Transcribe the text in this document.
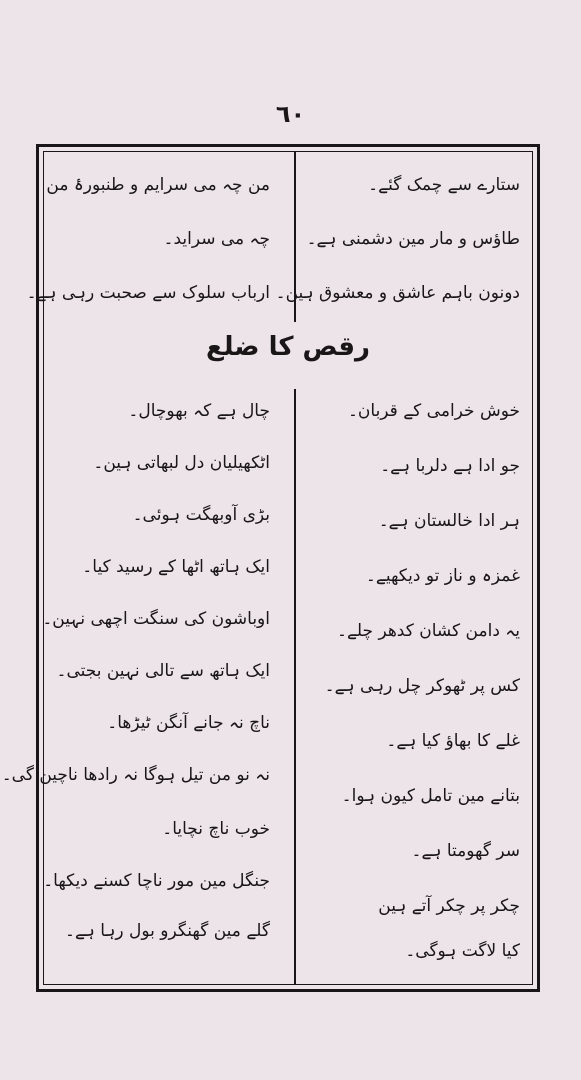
٦٠
ستارے سے چمک گئے۔
طاؤس و مار مین دشمنی ہے۔
دونون باہم عاشق و معشوق ہین۔
من چہ می سرایم و طنبورۂ من
چہ می سراید۔
ارباب سلوک سے صحبت رہی ہے۔
رقص کا ضلع
خوش خرامی کے قربان۔
جو ادا ہے دلربا ہے۔
ہر ادا خالستان ہے۔
غمزہ و ناز تو دیکھیے۔
یہ دامن کشان کدھر چلے۔
کس پر ٹھوکر چل رہی ہے۔
غلے کا بھاؤ کیا ہے۔
بتانے مین تامل کیون ہوا۔
سر گھومتا ہے۔
چکر پر چکر آتے ہین
کیا لاگت ہوگی۔
چال ہے کہ بھوچال۔
اٹکھیلیان دل لبھاتی ہین۔
بڑی آوبھگت ہوئی۔
ایک ہاتھ اٹھا کے رسید کیا۔
اوباشون کی سنگت اچھی نہین۔
ایک ہاتھ سے تالی نہین بجتی۔
ناچ نہ جانے آنگن ٹیڑھا۔
نہ نو من تیل ہوگا نہ رادھا ناچین گی۔
خوب ناچ نچایا۔
جنگل مین مور ناچا کسنے دیکھا۔
گلے مین گھنگرو بول رہا ہے۔
